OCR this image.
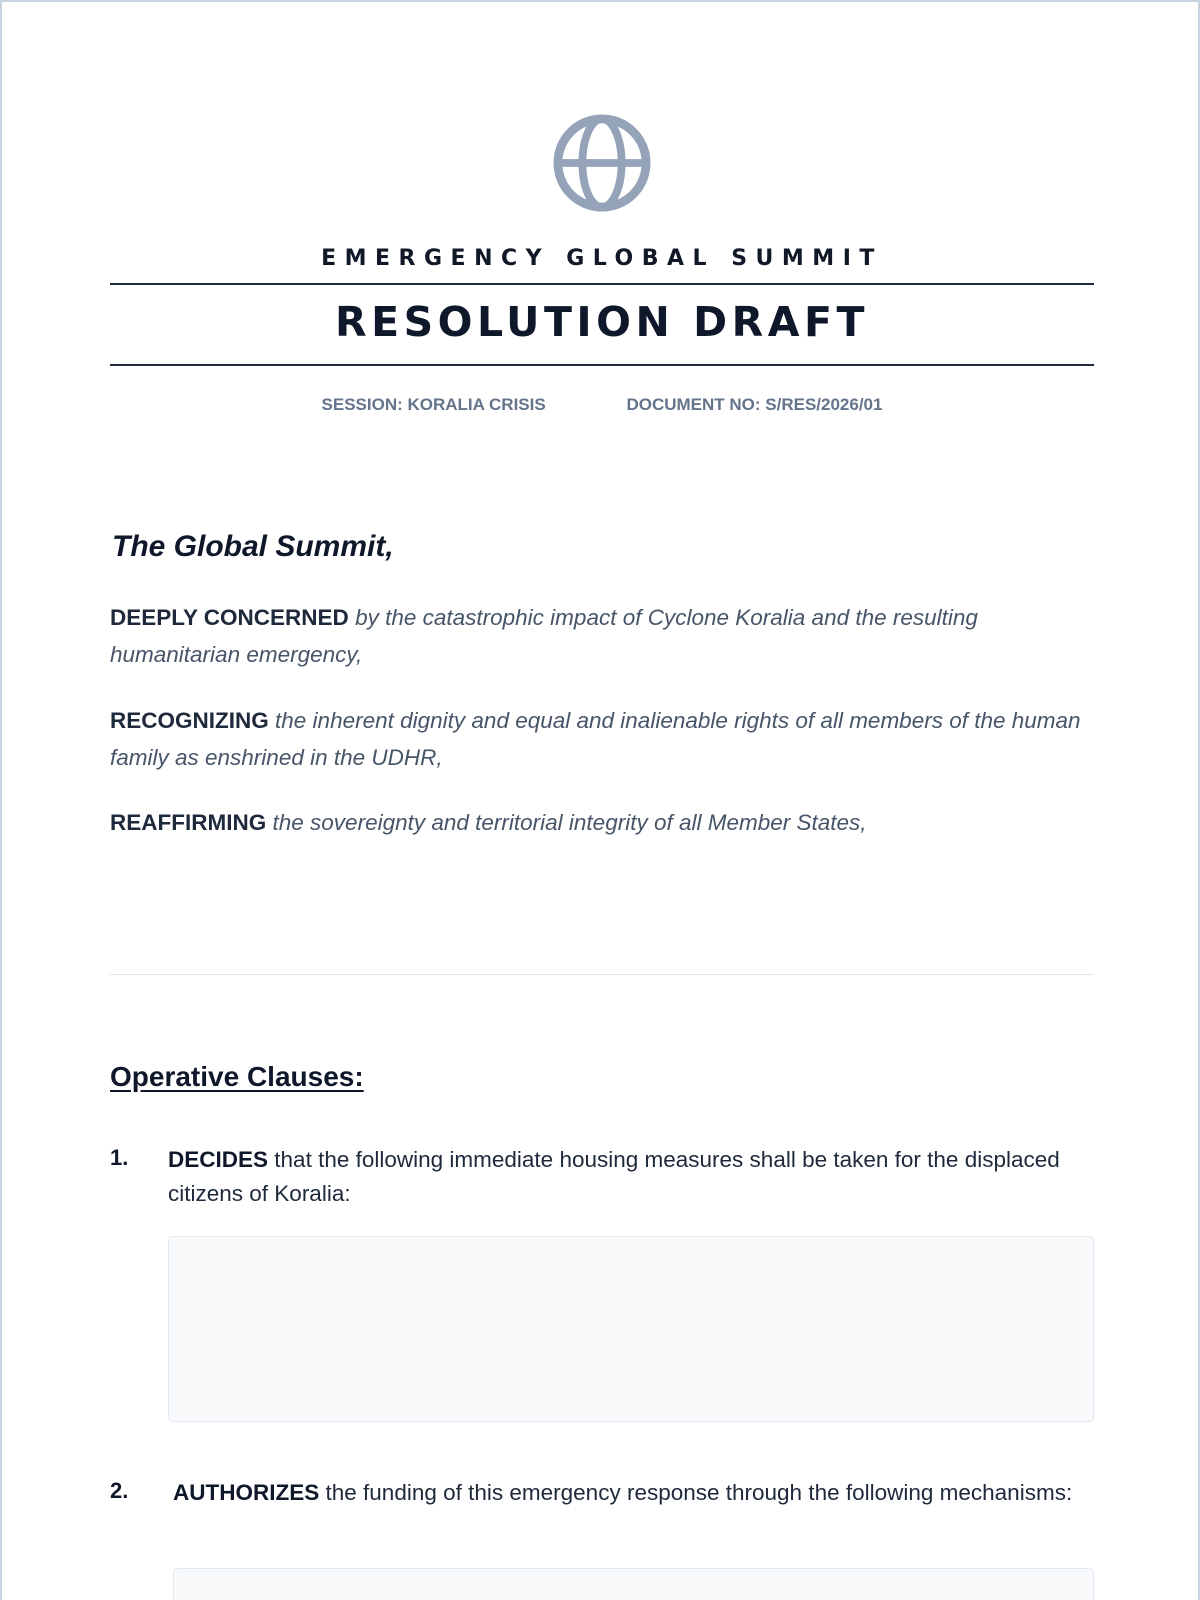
EMERGENCY GLOBAL SUMMIT
RESOLUTION DRAFT
SESSION: KORALIA CRISIS	DOCUMENT NO: S/RES/2026/01
The Global Summit,

DEEPLY CONCERNED by the catastrophic impact of Cyclone Koralia and the resulting humanitarian emergency,

RECOGNIZING the inherent dignity and equal and inalienable rights of all members of the human family as enshrined in the UDHR,

REAFFIRMING the sovereignty and territorial integrity of all Member States,

Operative Clauses:
1. DECIDES that the following immediate housing measures shall be taken for the displaced citizens of Koralia:

2. AUTHORIZES the funding of this emergency response through the following mechanisms:
